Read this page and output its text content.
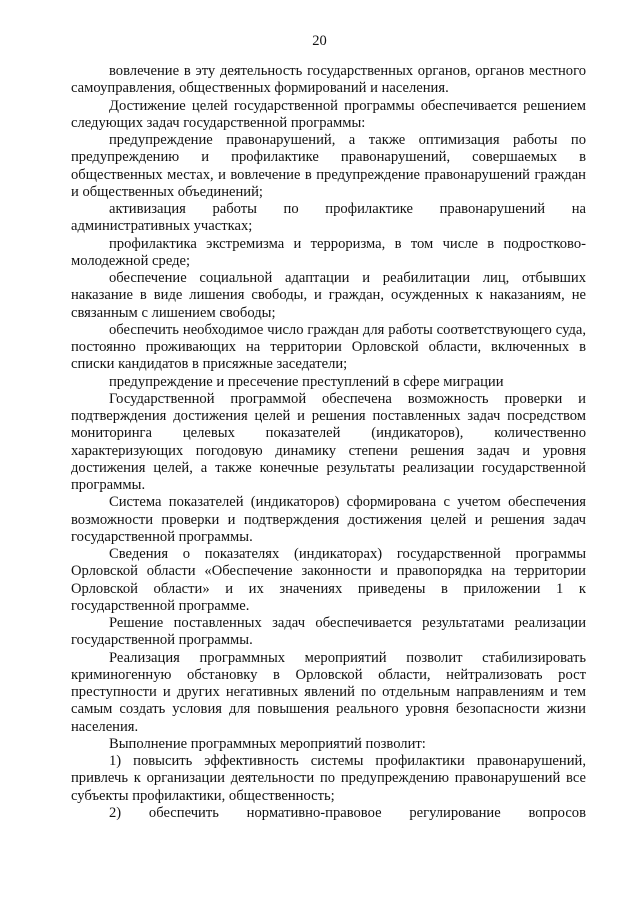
20

вовлечение в эту деятельность государственных органов, органов местного самоуправления, общественных формирований и населения.

Достижение целей государственной программы обеспечивается решением следующих задач государственной программы:

предупреждение правонарушений, а также оптимизация работы по предупреждению и профилактике правонарушений, совершаемых в общественных местах, и вовлечение в предупреждение правонарушений граждан и общественных объединений;

активизация работы по профилактике правонарушений на административных участках;

профилактика экстремизма и терроризма, в том числе в подростково-молодежной среде;

обеспечение социальной адаптации и реабилитации лиц, отбывших наказание в виде лишения свободы, и граждан, осужденных к наказаниям, не связанным с лишением свободы;

обеспечить необходимое число граждан для работы соответствующего суда, постоянно проживающих на территории Орловской области, включенных в списки кандидатов в присяжные заседатели;

предупреждение и пресечение преступлений в сфере миграции

Государственной программой обеспечена возможность проверки и подтверждения достижения целей и решения поставленных задач посредством мониторинга целевых показателей (индикаторов), количественно характеризующих погодовую динамику степени решения задач и уровня достижения целей, а также конечные результаты реализации государственной программы.

Система показателей (индикаторов) сформирована с учетом обеспечения возможности проверки и подтверждения достижения целей и решения задач государственной программы.

Сведения о показателях (индикаторах) государственной программы Орловской области «Обеспечение законности и правопорядка на территории Орловской области» и их значениях приведены в приложении 1 к государственной программе.

Решение поставленных задач обеспечивается результатами реализации государственной программы.

Реализация программных мероприятий позволит стабилизировать криминогенную обстановку в Орловской области, нейтрализовать рост преступности и других негативных явлений по отдельным направлениям и тем самым создать условия для повышения реального уровня безопасности жизни населения.

Выполнение программных мероприятий позволит:

1) повысить эффективность системы профилактики правонарушений, привлечь к организации деятельности по предупреждению правонарушений все субъекты профилактики, общественность;

2) обеспечить нормативно-правовое регулирование вопросов
